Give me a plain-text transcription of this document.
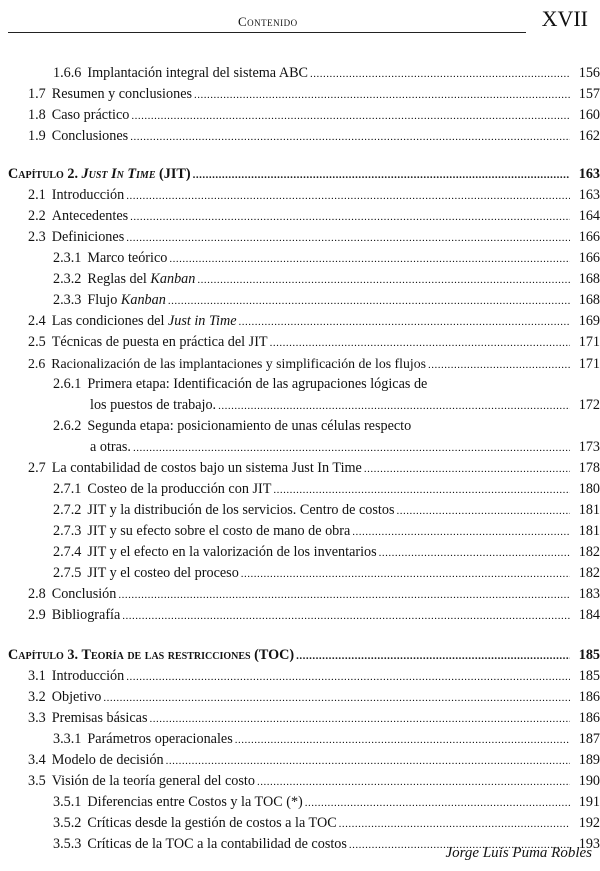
Contenido	XVII
1.6.6 Implantación integral del sistema ABC .....	156
1.7 Resumen y conclusiones .....	157
1.8 Caso práctico .....	160
1.9 Conclusiones .....	162
Capítulo 2. Just In Time (JIT) .....	163
2.1 Introducción .....	163
2.2 Antecedentes .....	164
2.3 Definiciones .....	166
2.3.1 Marco teórico .....	166
2.3.2 Reglas del Kanban .....	168
2.3.3 Flujo Kanban .....	168
2.4 Las condiciones del Just in Time .....	169
2.5 Técnicas de puesta en práctica del JIT .....	171
2.6 Racionalización de las implantaciones y simplificación de los flujos .....	171
2.6.1 Primera etapa: Identificación de las agrupaciones lógicas de
los puestos de trabajo. .....	172
2.6.2 Segunda etapa: posicionamiento de unas células respecto
a otras. .....	173
2.7 La contabilidad de costos bajo un sistema Just In Time .....	178
2.7.1 Costeo de la producción con JIT .....	180
2.7.2 JIT y la distribución de los servicios. Centro de costos .....	181
2.7.3 JIT y su efecto sobre el costo de mano de obra .....	181
2.7.4 JIT y el efecto en la valorización de los inventarios .....	182
2.7.5 JIT y el costeo del proceso .....	182
2.8 Conclusión .....	183
2.9 Bibliografía .....	184
Capítulo 3. Teoría de las restricciones (TOC) .....	185
3.1 Introducción .....	185
3.2 Objetivo .....	186
3.3 Premisas básicas .....	186
3.3.1 Parámetros operacionales .....	187
3.4 Modelo de decisión .....	189
3.5 Visión de la teoría general del costo .....	190
3.5.1 Diferencias entre Costos y la TOC (*) .....	191
3.5.2 Críticas desde la gestión de costos a la TOC .....	192
3.5.3 Críticas de la TOC a la contabilidad de costos .....	193
Jorge Luis Puma Robles
